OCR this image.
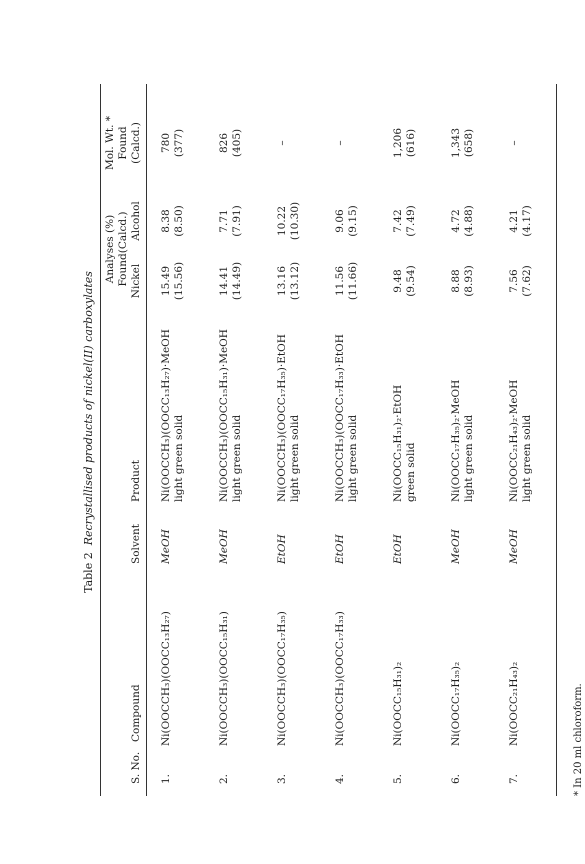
Table 2  Recrystallised products of nickel(II) carboxylates
Analyses (%) Found(Calcd.)
Mol. Wt. * Found (Calcd.)
S. No.
Compound
Solvent
Product
Nickel
Alcohol
1.
Ni(OOCCH₃)(OOCC₁₃H₂₇)
MeOH
Ni(OOCCH₃)(OOCC₁₃H₂₇)·MeOH
15.49
8.38
780
light green solid
(15.56)
(8.50)
(377)
2.
Ni(OOCCH₃)(OOCC₁₅H₃₁)
MeOH
Ni(OOCCH₃)(OOCC₁₅H₃₁)·MeOH
14.41
7.71
826
light green solid
(14.49)
(7.91)
(405)
3.
Ni(OOCCH₃)(OOCC₁₇H₃₅)
EtOH
Ni(OOCCH₃)(OOCC₁₇H₃₅)·EtOH
13.16
10.22
–
light green solid
(13.12)
(10.30)
4.
Ni(OOCCH₃)(OOCC₁₇H₃₃)
EtOH
Ni(OOCCH₃)(OOCC₁₇H₃₃)·EtOH
11.56
9.06
–
light green solid
(11.66)
(9.15)
5.
Ni(OOCC₁₅H₃₁)₂
EtOH
Ni(OOCC₁₅H₃₁)₂·EtOH
9.48
7.42
1,206
green solid
(9.54)
(7.49)
(616)
6.
Ni(OOCC₁₇H₃₅)₂
MeOH
Ni(OOCC₁₇H₃₅)₂·MeOH
8.88
4.72
1,343
light green solid
(8.93)
(4.88)
(658)
7.
Ni(OOCC₂₁H₄₃)₂
MeOH
Ni(OOCC₂₁H₄₃)₂·MeOH
7.56
4.21
–
light green solid
(7.62)
(4.17)
* In 20 ml chloroform.
